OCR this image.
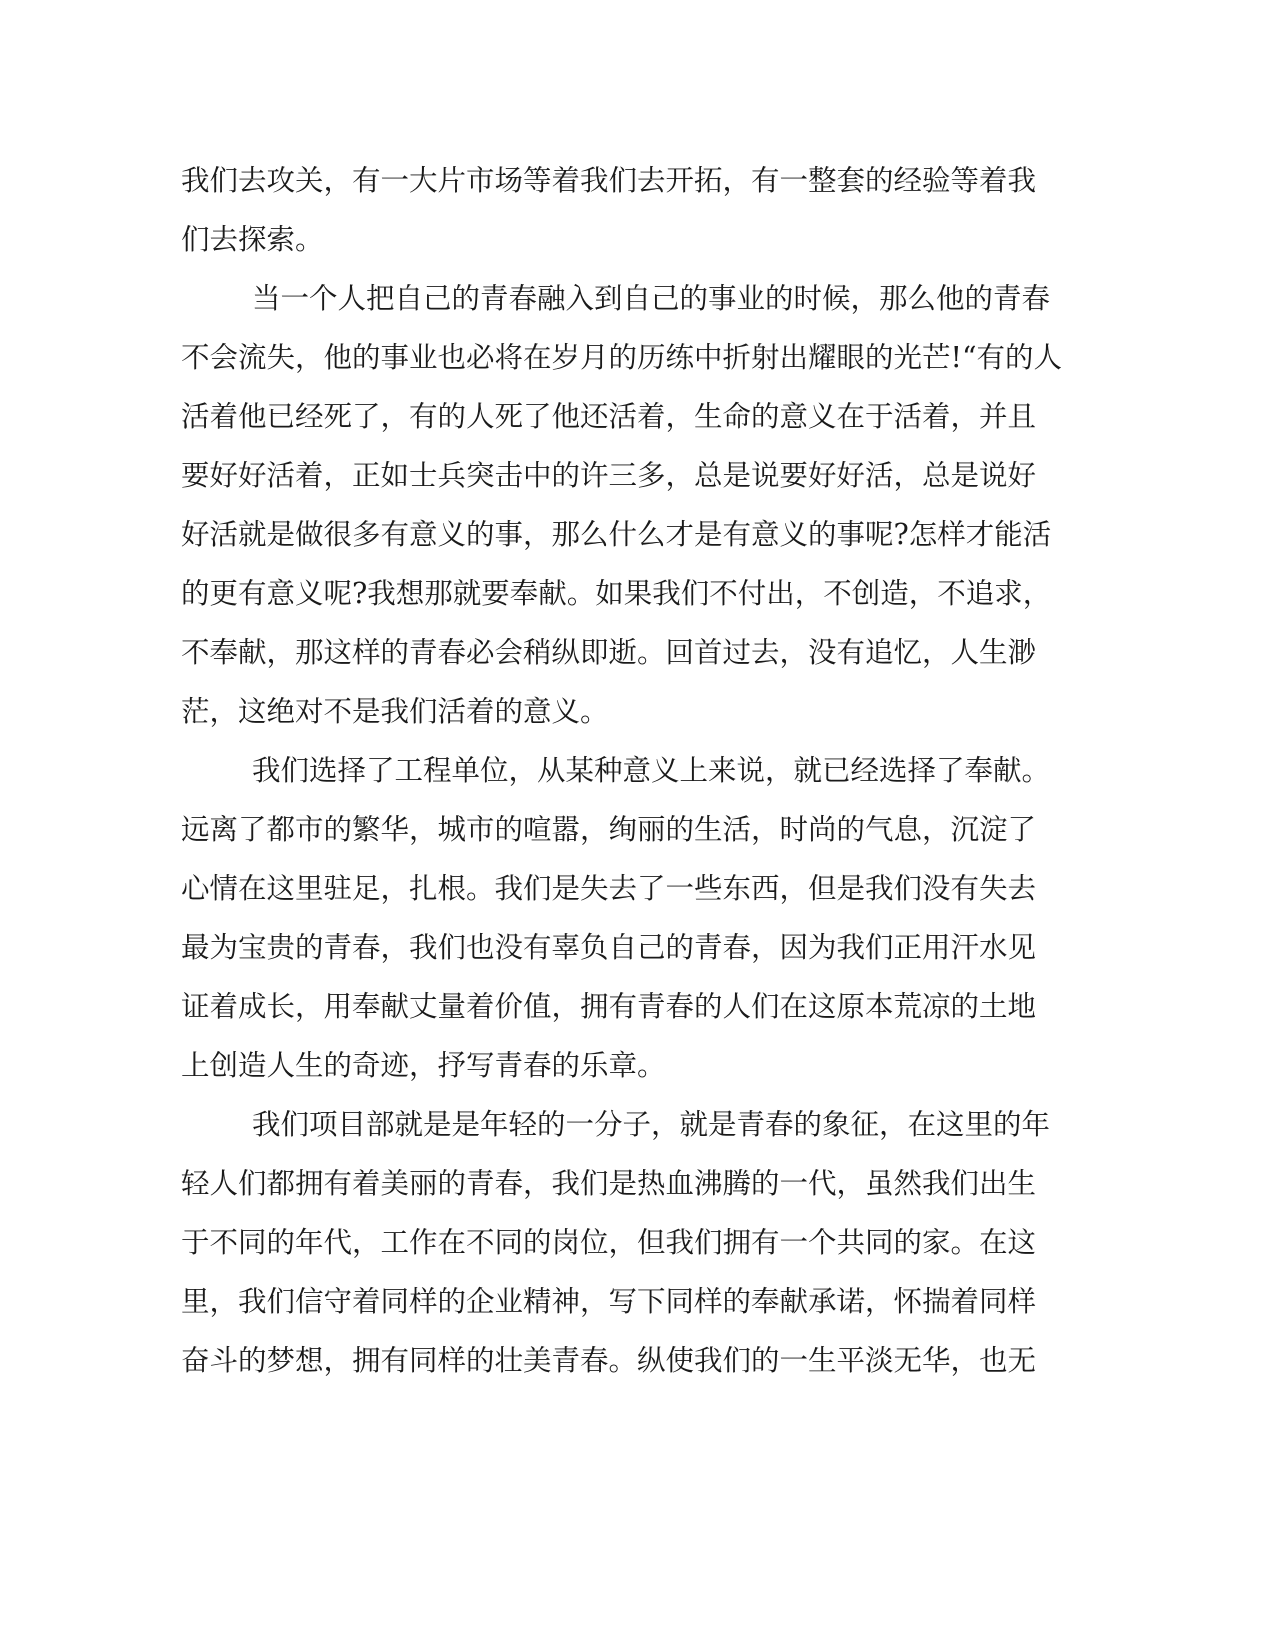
我们去攻关，有一大片市场等着我们去开拓，有一整套的经验等着我

们去探索。

当一个人把自己的青春融入到自己的事业的时候，那么他的青春

不会流失，他的事业也必将在岁月的历练中折射出耀眼的光芒!“有的人

活着他已经死了，有的人死了他还活着，生命的意义在于活着，并且

要好好活着，正如士兵突击中的许三多，总是说要好好活，总是说好

好活就是做很多有意义的事，那么什么才是有意义的事呢?怎样才能活

的更有意义呢?我想那就要奉献。如果我们不付出，不创造，不追求，

不奉献，那这样的青春必会稍纵即逝。回首过去，没有追忆，人生渺

茫，这绝对不是我们活着的意义。

我们选择了工程单位，从某种意义上来说，就已经选择了奉献。

远离了都市的繁华，城市的喧嚣，绚丽的生活，时尚的气息，沉淀了

心情在这里驻足，扎根。我们是失去了一些东西，但是我们没有失去

最为宝贵的青春，我们也没有辜负自己的青春，因为我们正用汗水见

证着成长，用奉献丈量着价值，拥有青春的人们在这原本荒凉的土地

上创造人生的奇迹，抒写青春的乐章。

我们项目部就是是年轻的一分子，就是青春的象征，在这里的年

轻人们都拥有着美丽的青春，我们是热血沸腾的一代，虽然我们出生

于不同的年代，工作在不同的岗位，但我们拥有一个共同的家。在这

里，我们信守着同样的企业精神，写下同样的奉献承诺，怀揣着同样

奋斗的梦想，拥有同样的壮美青春。纵使我们的一生平淡无华，也无
